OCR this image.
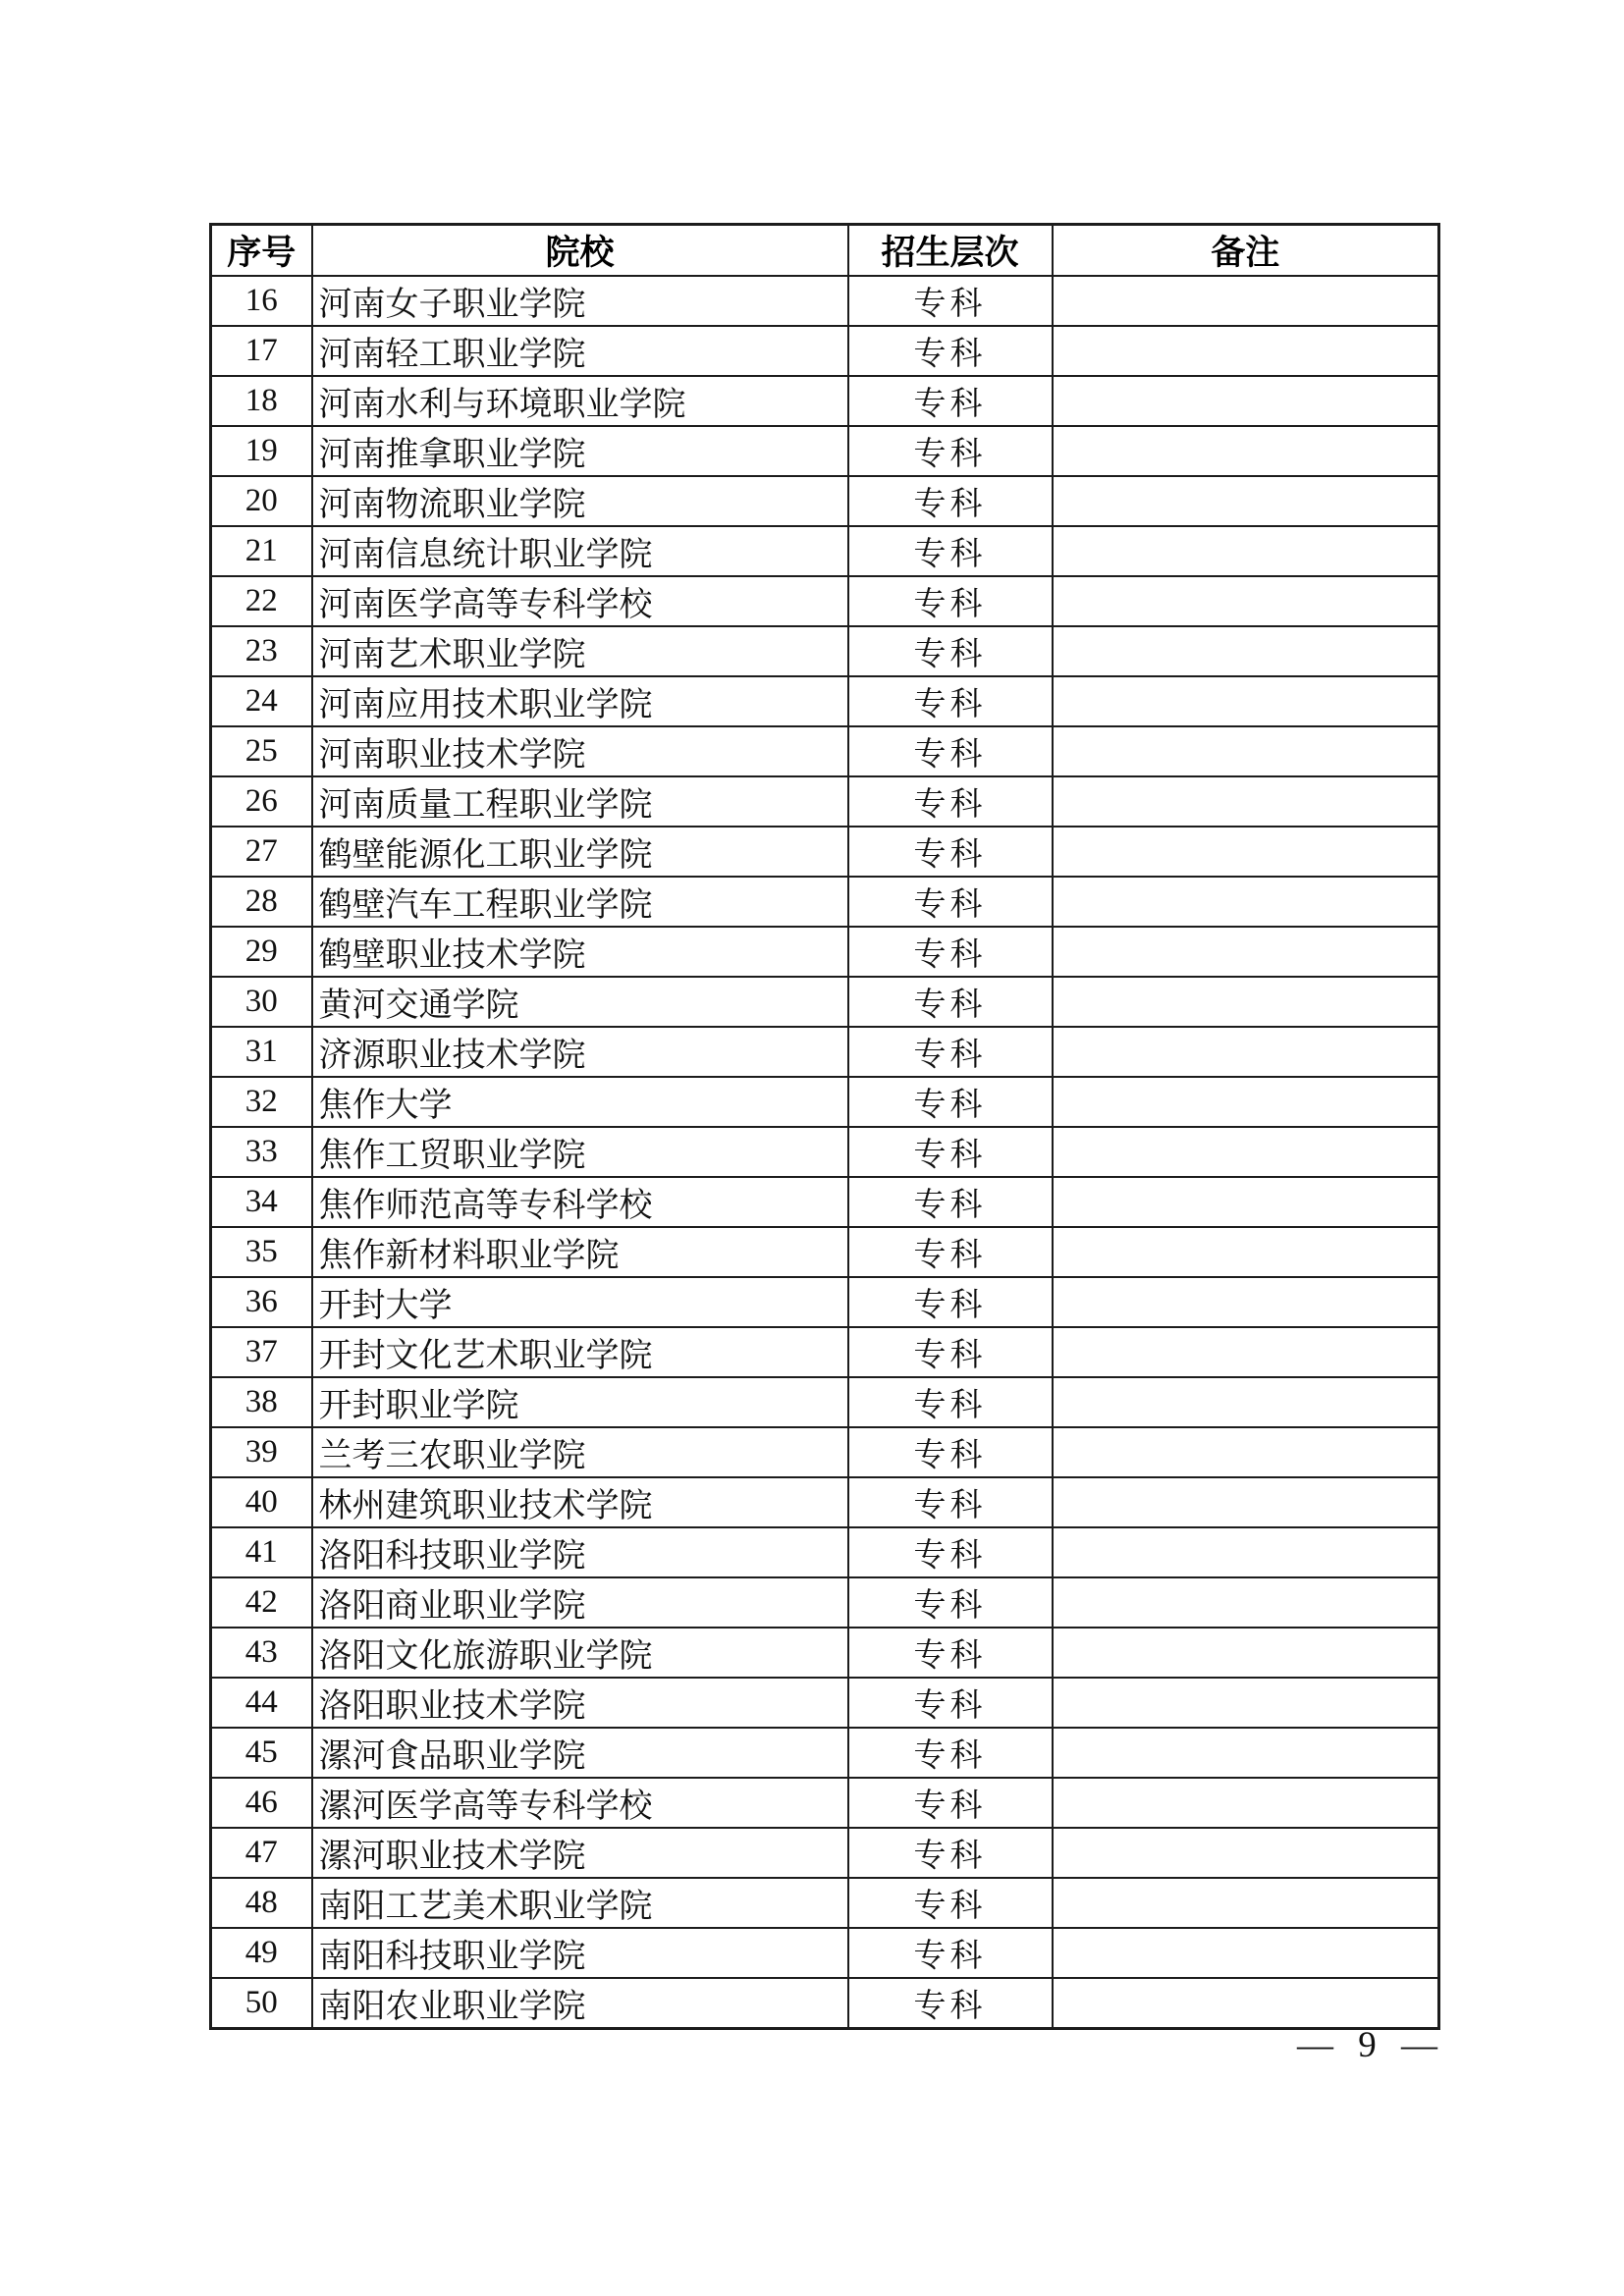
序号	院校	招生层次	备注
16	河南女子职业学院	专科	
17	河南轻工职业学院	专科	
18	河南水利与环境职业学院	专科	
19	河南推拿职业学院	专科	
20	河南物流职业学院	专科	
21	河南信息统计职业学院	专科	
22	河南医学高等专科学校	专科	
23	河南艺术职业学院	专科	
24	河南应用技术职业学院	专科	
25	河南职业技术学院	专科	
26	河南质量工程职业学院	专科	
27	鹤壁能源化工职业学院	专科	
28	鹤壁汽车工程职业学院	专科	
29	鹤壁职业技术学院	专科	
30	黄河交通学院	专科	
31	济源职业技术学院	专科	
32	焦作大学	专科	
33	焦作工贸职业学院	专科	
34	焦作师范高等专科学校	专科	
35	焦作新材料职业学院	专科	
36	开封大学	专科	
37	开封文化艺术职业学院	专科	
38	开封职业学院	专科	
39	兰考三农职业学院	专科	
40	林州建筑职业技术学院	专科	
41	洛阳科技职业学院	专科	
42	洛阳商业职业学院	专科	
43	洛阳文化旅游职业学院	专科	
44	洛阳职业技术学院	专科	
45	漯河食品职业学院	专科	
46	漯河医学高等专科学校	专科	
47	漯河职业技术学院	专科	
48	南阳工艺美术职业学院	专科	
49	南阳科技职业学院	专科	
50	南阳农业职业学院	专科	
— 9 —
